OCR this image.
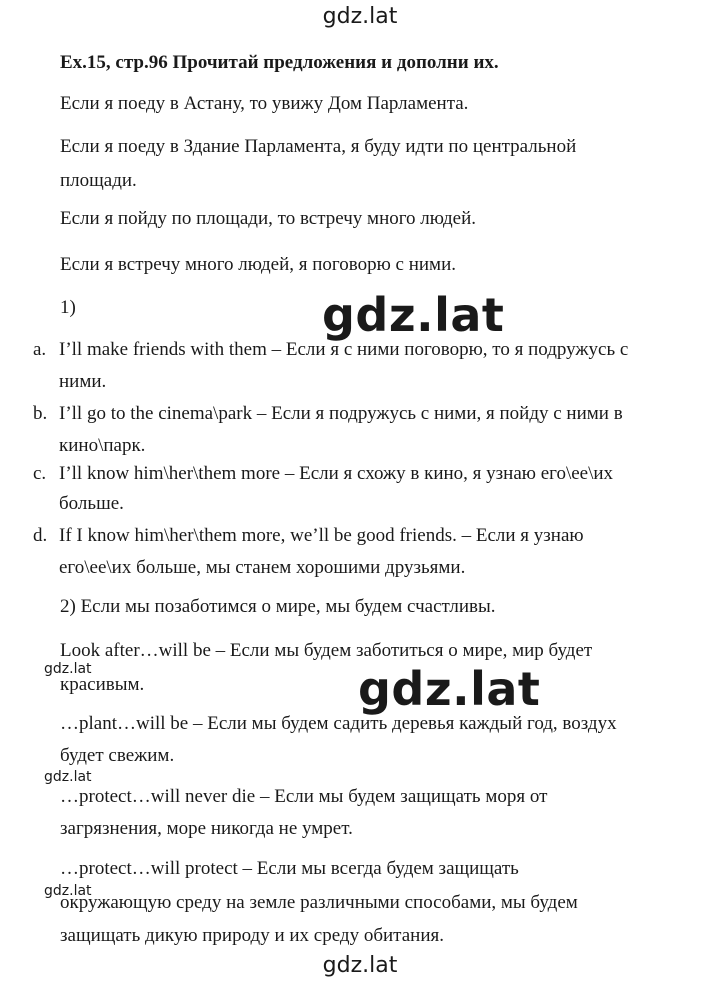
gdz.lat
Ex.15, стр.96 Прочитай предложения и дополни их.
Если я поеду в Астану, то увижу Дом Парламента.
Если я поеду в Здание Парламента, я буду идти по центральной
площади.
Если я пойду по площади, то встречу много людей.
Если я встречу много людей, я поговорю с ними.
1)	gdz.lat
a. I’ll make friends with them – Если я с ними поговорю, то я подружусь с
ними.
b. I’ll go to the cinema\park – Если я подружусь с ними, я пойду с ними в
кино\парк.
c. I’ll know him\her\them more – Если я схожу в кино, я узнаю его\ее\их
больше.
d. If I know him\her\them more, we’ll be good friends. – Если я узнаю
его\ее\их больше, мы станем хорошими друзьями.
2) Если мы позаботимся о мире, мы будем счастливы.
Look after…will be – Если мы будем заботиться о мире, мир будет
красивым.
…plant…will be – Если мы будем садить деревья каждый год, воздух
будет свежим.
…protect…will never die – Если мы будем защищать моря от
загрязнения, море никогда не умрет.
…protect…will protect – Если мы всегда будем защищать
окружающую среду на земле различными способами, мы будем
защищать дикую природу и их среду обитания.
gdz.lat
gdz.lat
gdz.lat
gdz.lat
gdz.lat
